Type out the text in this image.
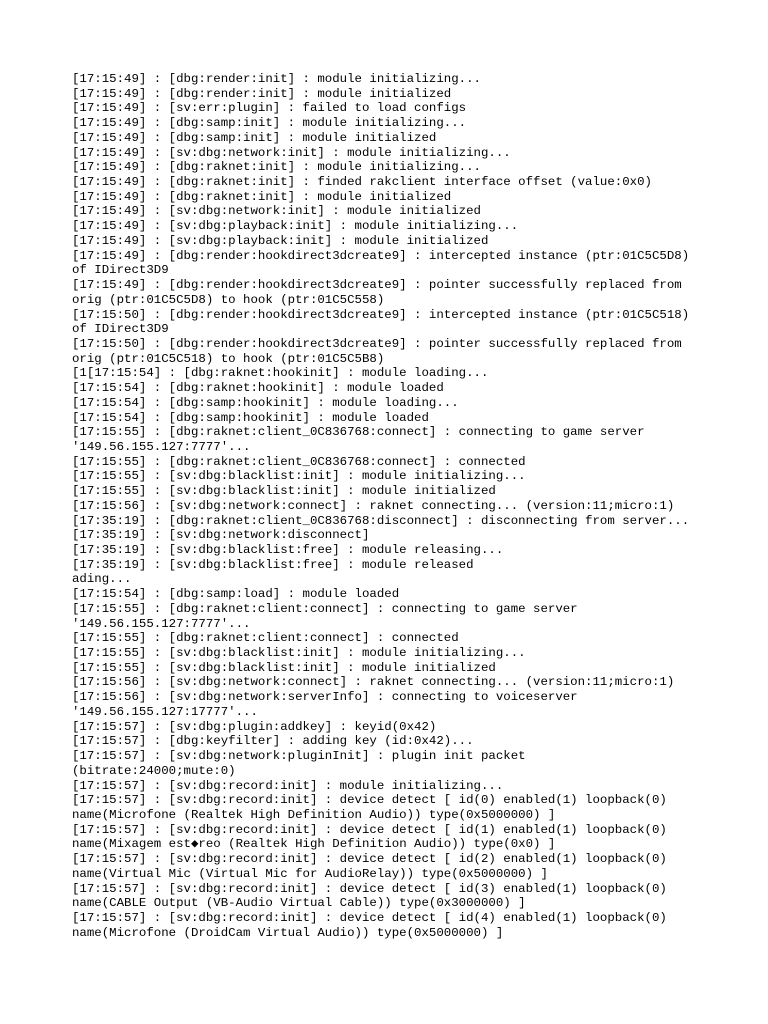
[17:15:49] : [dbg:render:init] : module initializing...
[17:15:49] : [dbg:render:init] : module initialized
[17:15:49] : [sv:err:plugin] : failed to load configs
[17:15:49] : [dbg:samp:init] : module initializing...
[17:15:49] : [dbg:samp:init] : module initialized
[17:15:49] : [sv:dbg:network:init] : module initializing...
[17:15:49] : [dbg:raknet:init] : module initializing...
[17:15:49] : [dbg:raknet:init] : finded rakclient interface offset (value:0x0)
[17:15:49] : [dbg:raknet:init] : module initialized
[17:15:49] : [sv:dbg:network:init] : module initialized
[17:15:49] : [sv:dbg:playback:init] : module initializing...
[17:15:49] : [sv:dbg:playback:init] : module initialized
[17:15:49] : [dbg:render:hookdirect3dcreate9] : intercepted instance (ptr:01C5C5D8)
of IDirect3D9
[17:15:49] : [dbg:render:hookdirect3dcreate9] : pointer successfully replaced from
orig (ptr:01C5C5D8) to hook (ptr:01C5C558)
[17:15:50] : [dbg:render:hookdirect3dcreate9] : intercepted instance (ptr:01C5C518)
of IDirect3D9
[17:15:50] : [dbg:render:hookdirect3dcreate9] : pointer successfully replaced from
orig (ptr:01C5C518) to hook (ptr:01C5C5B8)
[1[17:15:54] : [dbg:raknet:hookinit] : module loading...
[17:15:54] : [dbg:raknet:hookinit] : module loaded
[17:15:54] : [dbg:samp:hookinit] : module loading...
[17:15:54] : [dbg:samp:hookinit] : module loaded
[17:15:55] : [dbg:raknet:client_0C836768:connect] : connecting to game server
'149.56.155.127:7777'...
[17:15:55] : [dbg:raknet:client_0C836768:connect] : connected
[17:15:55] : [sv:dbg:blacklist:init] : module initializing...
[17:15:55] : [sv:dbg:blacklist:init] : module initialized
[17:15:56] : [sv:dbg:network:connect] : raknet connecting... (version:11;micro:1)
[17:35:19] : [dbg:raknet:client_0C836768:disconnect] : disconnecting from server...
[17:35:19] : [sv:dbg:network:disconnect]
[17:35:19] : [sv:dbg:blacklist:free] : module releasing...
[17:35:19] : [sv:dbg:blacklist:free] : module released
ading...
[17:15:54] : [dbg:samp:load] : module loaded
[17:15:55] : [dbg:raknet:client:connect] : connecting to game server
'149.56.155.127:7777'...
[17:15:55] : [dbg:raknet:client:connect] : connected
[17:15:55] : [sv:dbg:blacklist:init] : module initializing...
[17:15:55] : [sv:dbg:blacklist:init] : module initialized
[17:15:56] : [sv:dbg:network:connect] : raknet connecting... (version:11;micro:1)
[17:15:56] : [sv:dbg:network:serverInfo] : connecting to voiceserver
'149.56.155.127:17777'...
[17:15:57] : [sv:dbg:plugin:addkey] : keyid(0x42)
[17:15:57] : [dbg:keyfilter] : adding key (id:0x42)...
[17:15:57] : [sv:dbg:network:pluginInit] : plugin init packet
(bitrate:24000;mute:0)
[17:15:57] : [sv:dbg:record:init] : module initializing...
[17:15:57] : [sv:dbg:record:init] : device detect [ id(0) enabled(1) loopback(0)
name(Microfone (Realtek High Definition Audio)) type(0x5000000) ]
[17:15:57] : [sv:dbg:record:init] : device detect [ id(1) enabled(1) loopback(0)
name(Mixagem est◆reo (Realtek High Definition Audio)) type(0x0) ]
[17:15:57] : [sv:dbg:record:init] : device detect [ id(2) enabled(1) loopback(0)
name(Virtual Mic (Virtual Mic for AudioRelay)) type(0x5000000) ]
[17:15:57] : [sv:dbg:record:init] : device detect [ id(3) enabled(1) loopback(0)
name(CABLE Output (VB-Audio Virtual Cable)) type(0x3000000) ]
[17:15:57] : [sv:dbg:record:init] : device detect [ id(4) enabled(1) loopback(0)
name(Microfone (DroidCam Virtual Audio)) type(0x5000000) ]
